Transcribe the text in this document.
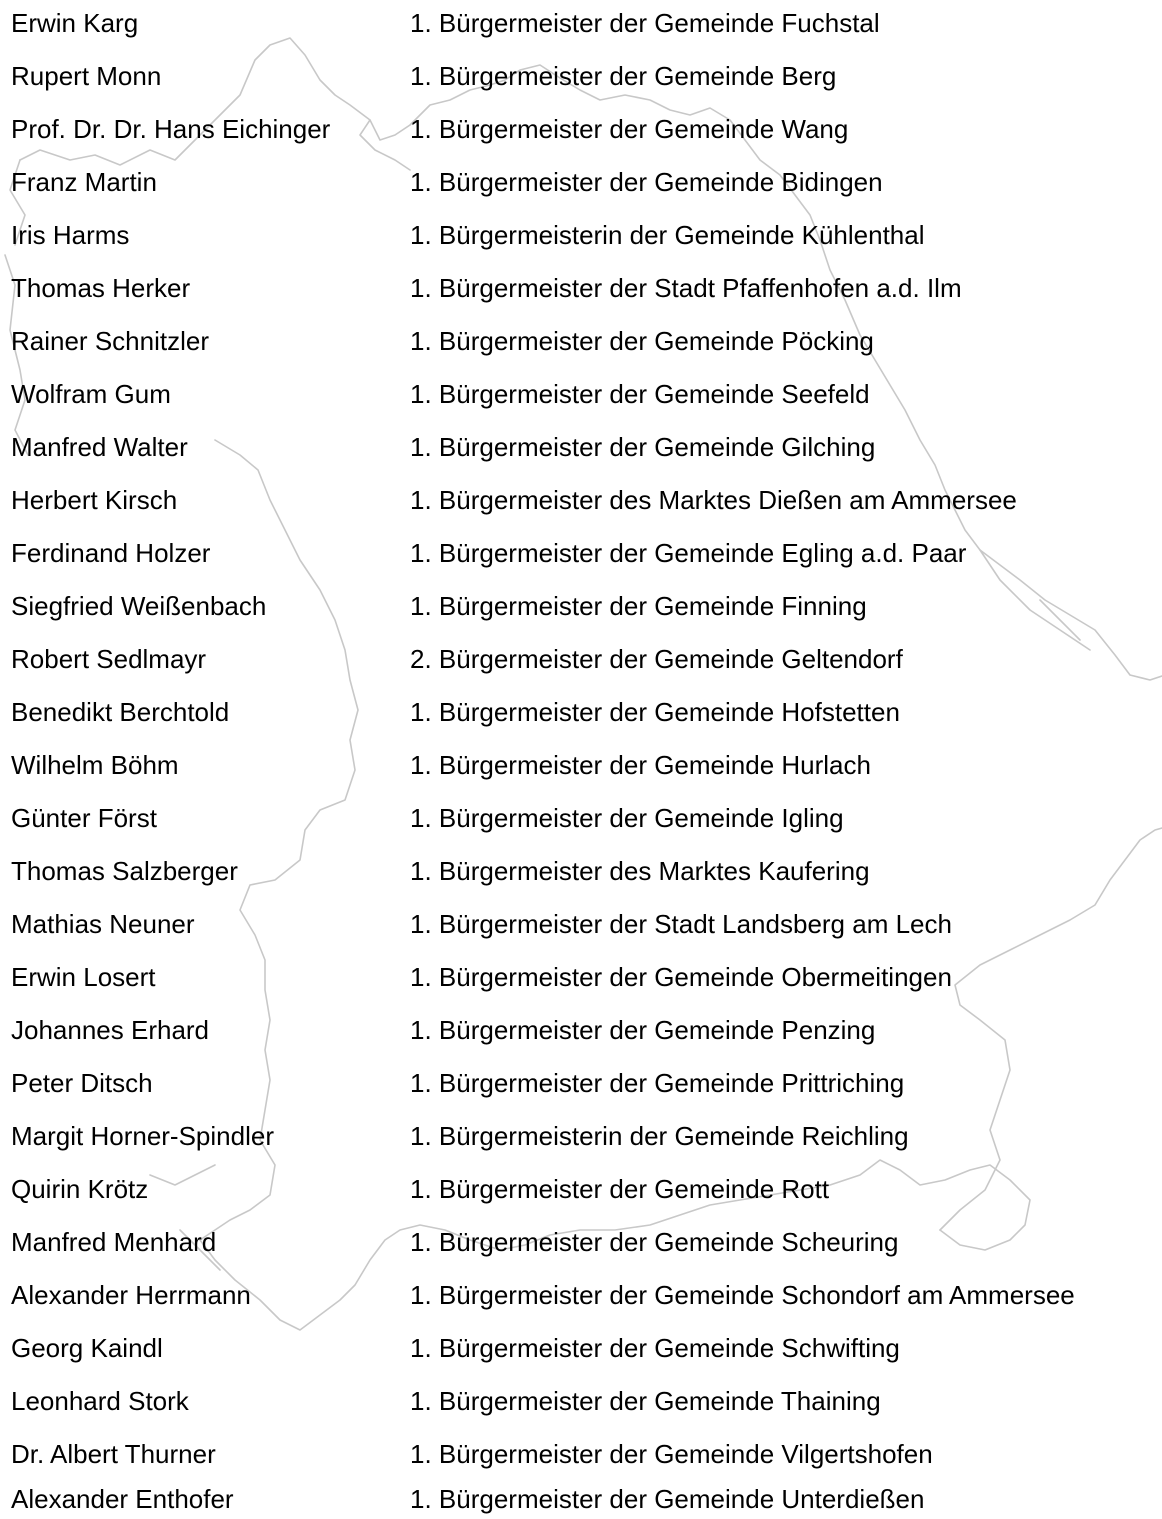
Erwin Karg	1. Bürgermeister der Gemeinde Fuchstal
Rupert Monn	1. Bürgermeister der Gemeinde Berg
Prof. Dr. Dr. Hans Eichinger	1. Bürgermeister der Gemeinde Wang
Franz Martin	1. Bürgermeister der Gemeinde Bidingen
Iris Harms	1. Bürgermeisterin der Gemeinde Kühlenthal
Thomas Herker	1. Bürgermeister der Stadt Pfaffenhofen a.d. Ilm
Rainer Schnitzler	1. Bürgermeister der Gemeinde Pöcking
Wolfram Gum	1. Bürgermeister der Gemeinde Seefeld
Manfred Walter	1. Bürgermeister der Gemeinde Gilching
Herbert Kirsch	1. Bürgermeister des Marktes Dießen am Ammersee
Ferdinand Holzer	1. Bürgermeister der Gemeinde Egling a.d. Paar
Siegfried Weißenbach	1. Bürgermeister der Gemeinde Finning
Robert Sedlmayr	2. Bürgermeister der Gemeinde Geltendorf
Benedikt Berchtold	1. Bürgermeister der Gemeinde Hofstetten
Wilhelm Böhm	1. Bürgermeister der Gemeinde Hurlach
Günter Först	1. Bürgermeister der Gemeinde Igling
Thomas Salzberger	1. Bürgermeister des Marktes Kaufering
Mathias Neuner	1. Bürgermeister der Stadt Landsberg am Lech
Erwin Losert	1. Bürgermeister der Gemeinde Obermeitingen
Johannes Erhard	1. Bürgermeister der Gemeinde Penzing
Peter Ditsch	1. Bürgermeister der Gemeinde Prittriching
Margit Horner-Spindler	1. Bürgermeisterin der Gemeinde Reichling
Quirin Krötz	1. Bürgermeister der Gemeinde Rott
Manfred Menhard	1. Bürgermeister der Gemeinde Scheuring
Alexander Herrmann	1. Bürgermeister der Gemeinde Schondorf am Ammersee
Georg Kaindl	1. Bürgermeister der Gemeinde Schwifting
Leonhard Stork	1. Bürgermeister der Gemeinde Thaining
Dr. Albert Thurner	1. Bürgermeister der Gemeinde Vilgertshofen
Alexander Enthofer	1. Bürgermeister der Gemeinde Unterdießen
